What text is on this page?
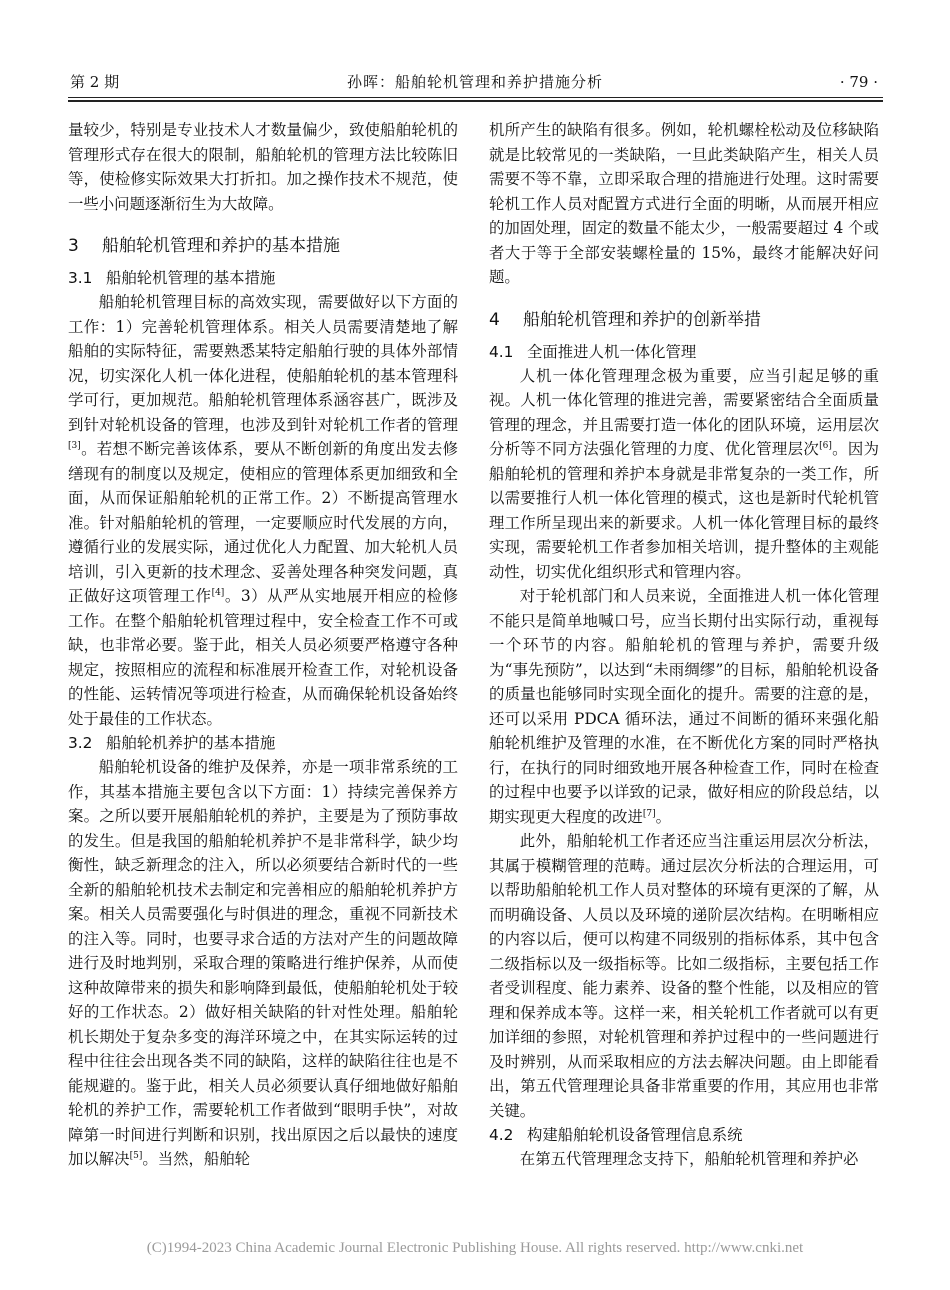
第 2 期	孙晖：船舶轮机管理和养护措施分析	· 79 ·

量较少，特别是专业技术人才数量偏少，致使船舶轮机的管理形式存在很大的限制，船舶轮机的管理方法比较陈旧等，使检修实际效果大打折扣。加之操作技术不规范，使一些小问题逐渐衍生为大故障。

3 船舶轮机管理和养护的基本措施
3.1 船舶轮机管理的基本措施

船舶轮机管理目标的高效实现，需要做好以下方面的工作：1）完善轮机管理体系。相关人员需要清楚地了解船舶的实际特征，需要熟悉某特定船舶行驶的具体外部情况，切实深化人机一体化进程，使船舶轮机的基本管理科学可行，更加规范。船舶轮机管理体系涵容甚广，既涉及到针对轮机设备的管理，也涉及到针对轮机工作者的管理[3]。若想不断完善该体系，要从不断创新的角度出发去修缮现有的制度以及规定，使相应的管理体系更加细致和全面，从而保证船舶轮机的正常工作。2）不断提高管理水准。针对船舶轮机的管理，一定要顺应时代发展的方向，遵循行业的发展实际，通过优化人力配置、加大轮机人员培训，引入更新的技术理念、妥善处理各种突发问题，真正做好这项管理工作[4]。3）从严从实地展开相应的检修工作。在整个船舶轮机管理过程中，安全检查工作不可或缺，也非常必要。鉴于此，相关人员必须要严格遵守各种规定，按照相应的流程和标准展开检查工作，对轮机设备的性能、运转情况等项进行检查，从而确保轮机设备始终处于最佳的工作状态。

3.2 船舶轮机养护的基本措施

船舶轮机设备的维护及保养，亦是一项非常系统的工作，其基本措施主要包含以下方面：1）持续完善保养方案。之所以要开展船舶轮机的养护，主要是为了预防事故的发生。但是我国的船舶轮机养护不是非常科学，缺少均衡性，缺乏新理念的注入，所以必须要结合新时代的一些全新的船舶轮机技术去制定和完善相应的船舶轮机养护方案。相关人员需要强化与时俱进的理念，重视不同新技术的注入等。同时，也要寻求合适的方法对产生的问题故障进行及时地判别，采取合理的策略进行维护保养，从而使这种故障带来的损失和影响降到最低，使船舶轮机处于较好的工作状态。2）做好相关缺陷的针对性处理。船舶轮机长期处于复杂多变的海洋环境之中，在其实际运转的过程中往往会出现各类不同的缺陷，这样的缺陷往往也是不能规避的。鉴于此，相关人员必须要认真仔细地做好船舶轮机的养护工作，需要轮机工作者做到“眼明手快”，对故障第一时间进行判断和识别，找出原因之后以最快的速度加以解决[5]。当然，船舶轮

机所产生的缺陷有很多。例如，轮机螺栓松动及位移缺陷就是比较常见的一类缺陷，一旦此类缺陷产生，相关人员需要不等不靠，立即采取合理的措施进行处理。这时需要轮机工作人员对配置方式进行全面的明晰，从而展开相应的加固处理，固定的数量不能太少，一般需要超过 4 个或者大于等于全部安装螺栓量的 15%，最终才能解决好问题。

4 船舶轮机管理和养护的创新举措
4.1 全面推进人机一体化管理

人机一体化管理理念极为重要，应当引起足够的重视。人机一体化管理的推进完善，需要紧密结合全面质量管理的理念，并且需要打造一体化的团队环境，运用层次分析等不同方法强化管理的力度、优化管理层次[6]。因为船舶轮机的管理和养护本身就是非常复杂的一类工作，所以需要推行人机一体化管理的模式，这也是新时代轮机管理工作所呈现出来的新要求。人机一体化管理目标的最终实现，需要轮机工作者参加相关培训，提升整体的主观能动性，切实优化组织形式和管理内容。

对于轮机部门和人员来说，全面推进人机一体化管理不能只是简单地喊口号，应当长期付出实际行动，重视每一个环节的内容。船舶轮机的管理与养护，需要升级为“事先预防”，以达到“未雨绸缪”的目标，船舶轮机设备的质量也能够同时实现全面化的提升。需要的注意的是，还可以采用 PDCA 循环法，通过不间断的循环来强化船舶轮机维护及管理的水准，在不断优化方案的同时严格执行，在执行的同时细致地开展各种检查工作，同时在检查的过程中也要予以详致的记录，做好相应的阶段总结，以期实现更大程度的改进[7]。

此外，船舶轮机工作者还应当注重运用层次分析法，其属于模糊管理的范畴。通过层次分析法的合理运用，可以帮助船舶轮机工作人员对整体的环境有更深的了解，从而明确设备、人员以及环境的递阶层次结构。在明晰相应的内容以后，便可以构建不同级别的指标体系，其中包含二级指标以及一级指标等。比如二级指标，主要包括工作者受训程度、能力素养、设备的整个性能，以及相应的管理和保养成本等。这样一来，相关轮机工作者就可以有更加详细的参照，对轮机管理和养护过程中的一些问题进行及时辨别，从而采取相应的方法去解决问题。由上即能看出，第五代管理理论具备非常重要的作用，其应用也非常关键。

4.2 构建船舶轮机设备管理信息系统

在第五代管理理念支持下，船舶轮机管理和养护必

(C)1994-2023 China Academic Journal Electronic Publishing House. All rights reserved. http://www.cnki.net
